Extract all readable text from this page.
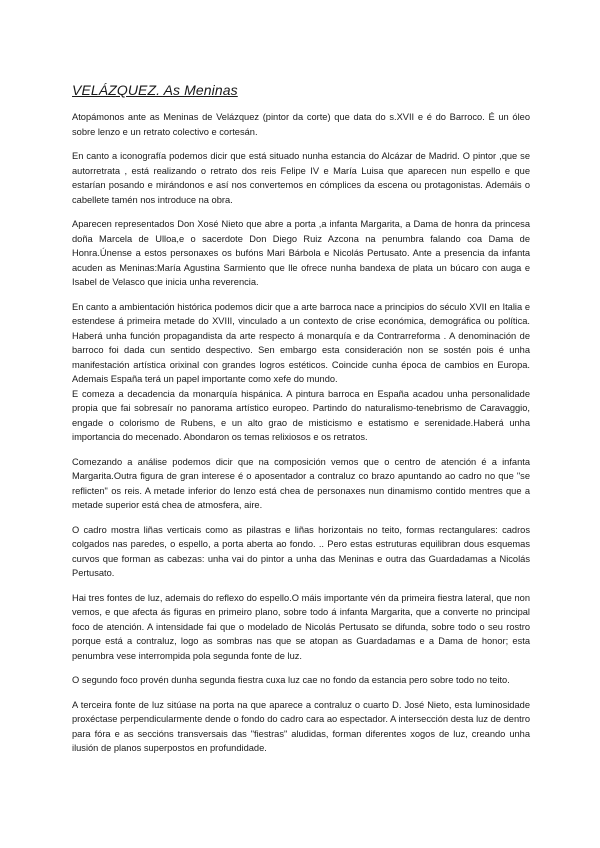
VELÁZQUEZ. As Meninas

Atopámonos ante as Meninas de Velázquez (pintor da corte) que data do s.XVII e é do Barroco. É un óleo sobre lenzo e un retrato colectivo e cortesán.

En canto a iconografía podemos dicir que está situado nunha estancia do Alcázar de Madrid. O pintor ,que se autorretrata , está realizando o retrato dos reis Felipe IV e María Luisa que aparecen nun espello e que estarían posando e mirándonos e así nos convertemos en cómplices da escena ou protagonistas. Ademáis o cabellete tamén nos introduce na obra.

Aparecen representados Don Xosé Nieto que abre a porta ,a infanta Margarita, a Dama de honra da princesa doña Marcela de Ulloa,e o sacerdote Don Diego Ruiz Azcona na penumbra falando coa Dama de Honra.Únense a estos personaxes os bufóns Mari Bárbola e Nicolás Pertusato. Ante a presencia da infanta acuden as Meninas:María Agustina Sarmiento que lle ofrece nunha bandexa de plata un búcaro con auga e Isabel de Velasco que inicia unha reverencia.

En canto a ambientación histórica podemos dicir que a arte barroca nace a principios do século XVII en Italia e estendese á primeira metade do XVIII, vinculado a un contexto de crise económica, demográfica ou política. Haberá unha función propagandista da arte respecto á monarquía e da Contrarreforma . A denominación de barroco foi dada cun sentido despectivo. Sen embargo esta consideración non se sostén pois é unha manifestación artística orixinal con grandes logros estéticos. Coincide cunha época de cambios en Europa. Ademais España terá un papel importante como xefe do mundo.

E comeza a decadencia da monarquía hispánica. A pintura barroca en España acadou unha personalidade propia que fai sobresaír no panorama artístico europeo. Partindo do naturalismo-tenebrismo de Caravaggio, engade o colorismo de Rubens, e un alto grao de misticismo e estatismo e serenidade.Haberá unha importancia do mecenado. Abondaron os temas relixiosos e os retratos.

Comezando a análise podemos dicir que na composición vemos que o centro de atención é a infanta Margarita.Outra figura de gran interese é o aposentador a contraluz co brazo apuntando ao cadro no que "se reflicten" os reis. A metade inferior do lenzo está chea de personaxes nun dinamismo contido mentres que a metade superior está chea de atmosfera, aire.

O cadro mostra liñas verticais como as pilastras e liñas horizontais no teito, formas rectangulares: cadros colgados nas paredes, o espello, a porta aberta ao fondo. .. Pero estas estruturas equilibran dous esquemas curvos que forman as cabezas: unha vai do pintor a unha das Meninas e outra das Guardadamas a Nicolás Pertusato.

Hai tres fontes de luz, ademais do reflexo do espello.O máis importante vén da primeira fiestra lateral, que non vemos, e que afecta ás figuras en primeiro plano, sobre todo á infanta Margarita, que a converte no principal foco de atención. A intensidade fai que o modelado de Nicolás Pertusato se difunda, sobre todo o seu rostro porque está a contraluz, logo as sombras nas que se atopan as Guardadamas e a Dama de honor; esta penumbra vese interrompida pola segunda fonte de luz.

O segundo foco provén dunha segunda fiestra cuxa luz cae no fondo da estancia pero sobre todo no teito.

A terceira fonte de luz sitúase na porta na que aparece a contraluz o cuarto D. José Nieto, esta luminosidade proxéctase perpendicularmente dende o fondo do cadro cara ao espectador. A intersección desta luz de dentro para fóra e as seccións transversais das "fiestras" aludidas, forman diferentes xogos de luz, creando unha ilusión de planos superpostos en profundidade.
